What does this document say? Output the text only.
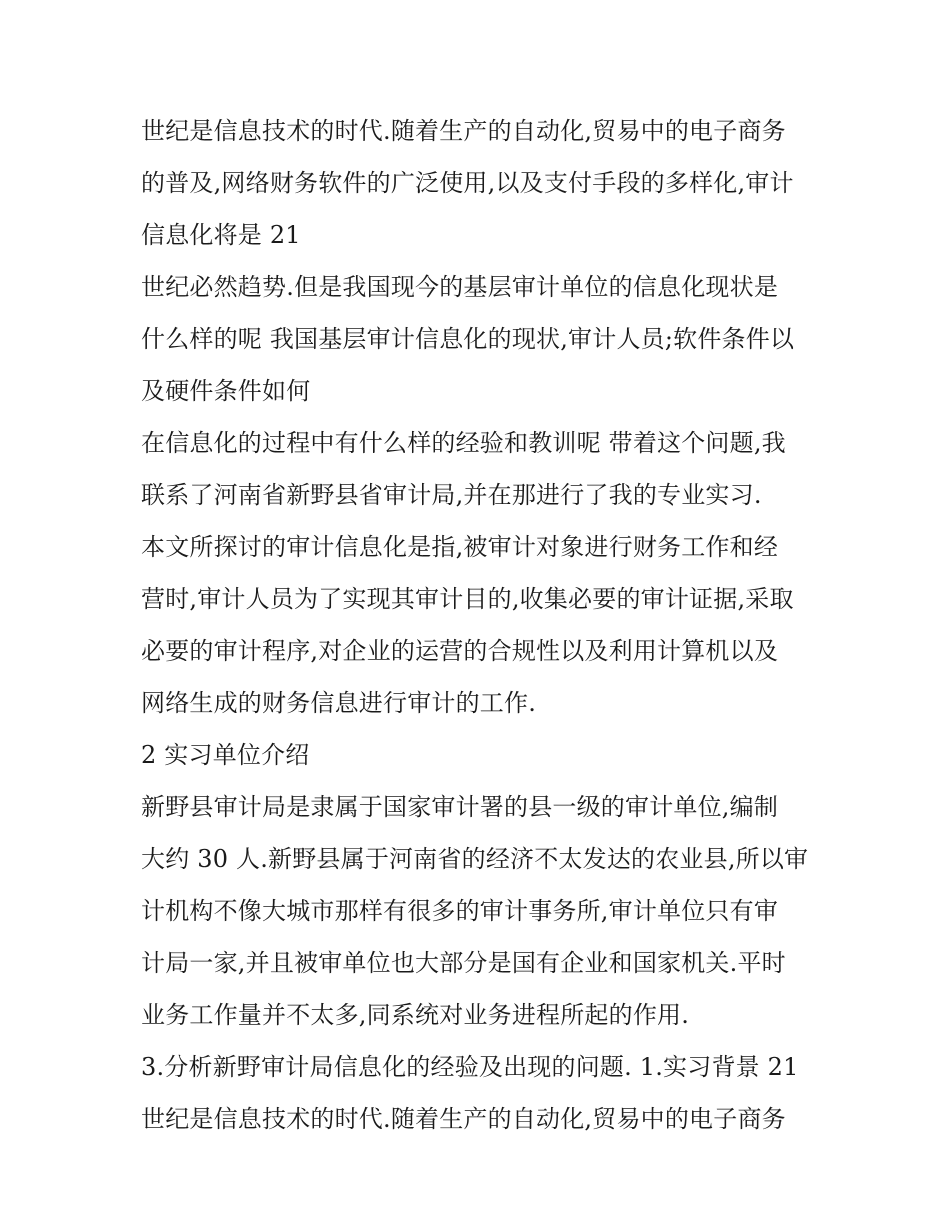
世纪是信息技术的时代.随着生产的自动化,贸易中的电子商务
的普及,网络财务软件的广泛使用,以及支付手段的多样化,审计
信息化将是 21
世纪必然趋势.但是我国现今的基层审计单位的信息化现状是
什么样的呢 我国基层审计信息化的现状,审计人员;软件条件以
及硬件条件如何
在信息化的过程中有什么样的经验和教训呢 带着这个问题,我
联系了河南省新野县省审计局,并在那进行了我的专业实习.
本文所探讨的审计信息化是指,被审计对象进行财务工作和经
营时,审计人员为了实现其审计目的,收集必要的审计证据,采取
必要的审计程序,对企业的运营的合规性以及利用计算机以及
网络生成的财务信息进行审计的工作.
2 实习单位介绍
新野县审计局是隶属于国家审计署的县一级的审计单位,编制
大约 30 人.新野县属于河南省的经济不太发达的农业县,所以审
计机构不像大城市那样有很多的审计事务所,审计单位只有审
计局一家,并且被审单位也大部分是国有企业和国家机关.平时
业务工作量并不太多,同系统对业务进程所起的作用.
3.分析新野审计局信息化的经验及出现的问题. 1.实习背景 21
世纪是信息技术的时代.随着生产的自动化,贸易中的电子商务
